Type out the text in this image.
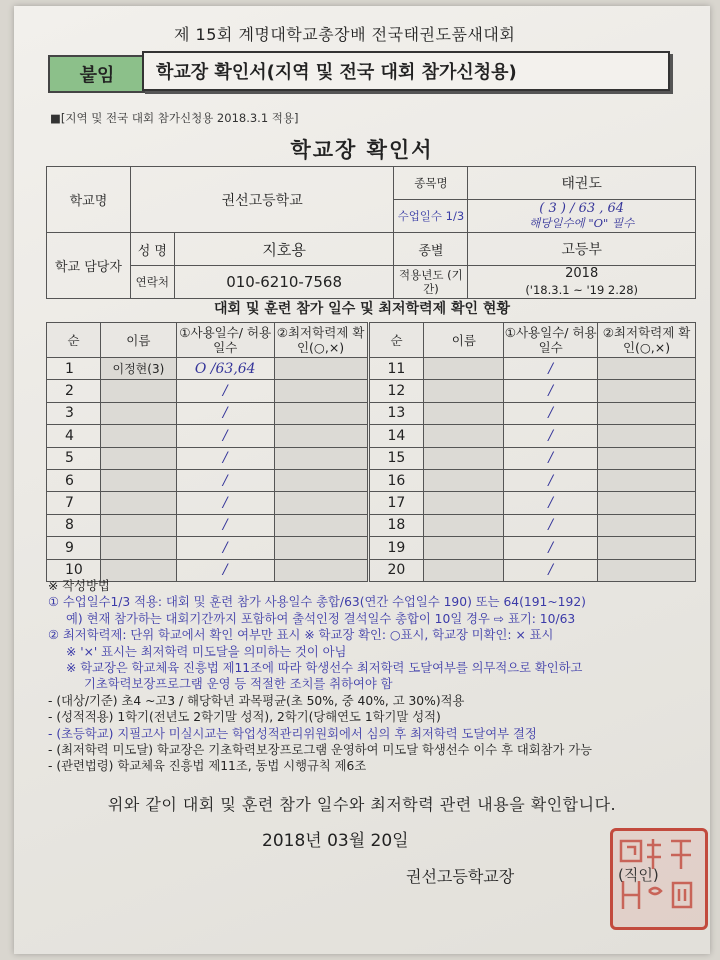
제 15회 계명대학교총장배 전국태권도품새대회
붙임	학교장 확인서(지역 및 전국 대회 참가신청용)
■[지역 및 전국 대회 참가신청용 2018.3.1 적용]
학교장 확인서
학교명	권선고등학교		종목명	태권도
			수업일수 1/3	( 3 ) / 63 , 64
해당일수에 "O" 필수

학교 담당자	성 명	지호용	종별	고등부
	연락처	010-6210-7568	적용년도 (기간)	2018
('18.3.1 ~ '19 2.28)
대회 및 훈련 참가 일수 및 최저학력제 확인 현황
순	이름	①사용일수/ 허용일수	②최저학력제 확인(○,×)	순	이름	①사용일수/ 허용일수	②최저학력제 확인(○,×)
1	이정현(3)	O /63,64		11		/	
2		/		12		/	
3		/		13		/	
4		/		14		/	
5		/		15		/	
6		/		16		/	
7		/		17		/	
8		/		18		/	
9		/		19		/	
10		/		20		/	
※ 작성방법
① 수업일수1/3 적용: 대회 및 훈련 참가 사용일수 총합/63(연간 수업일수 190) 또는 64(191~192)
예) 현재 참가하는 대회기간까지 포함하여 출석인정 결석일수 총합이 10일 경우 ⇨ 표기: 10/63
② 최저학력제: 단위 학교에서 확인 여부만 표시 ※ 학교장 확인: ○표시, 학교장 미확인: × 표시
※ '×' 표시는 최저학력 미도달을 의미하는 것이 아님
※ 학교장은 학교체육 진흥법 제11조에 따라 학생선수 최저학력 도달여부를 의무적으로 확인하고
기초학력보장프로그램 운영 등 적절한 조치를 취하여야 함
- (대상/기준) 초4 ~고3 / 해당학년 과목평균(초 50%, 중 40%, 고 30%)적용
- (성적적용) 1학기(전년도 2학기말 성적), 2학기(당해연도 1학기말 성적)
- (초등학교) 지필고사 미실시교는 학업성적관리위원회에서 심의 후 최저학력 도달여부 결정
- (최저학력 미도달) 학교장은 기초학력보장프로그램 운영하여 미도달 학생선수 이수 후 대회참가 가능
- (관련법령) 학교체육 진흥법 제11조, 동법 시행규칙 제6조
위와 같이 대회 및 훈련 참가 일수와 최저학력 관련 내용을 확인합니다.
2018년 03월 20일
권선고등학교장	(직인)
